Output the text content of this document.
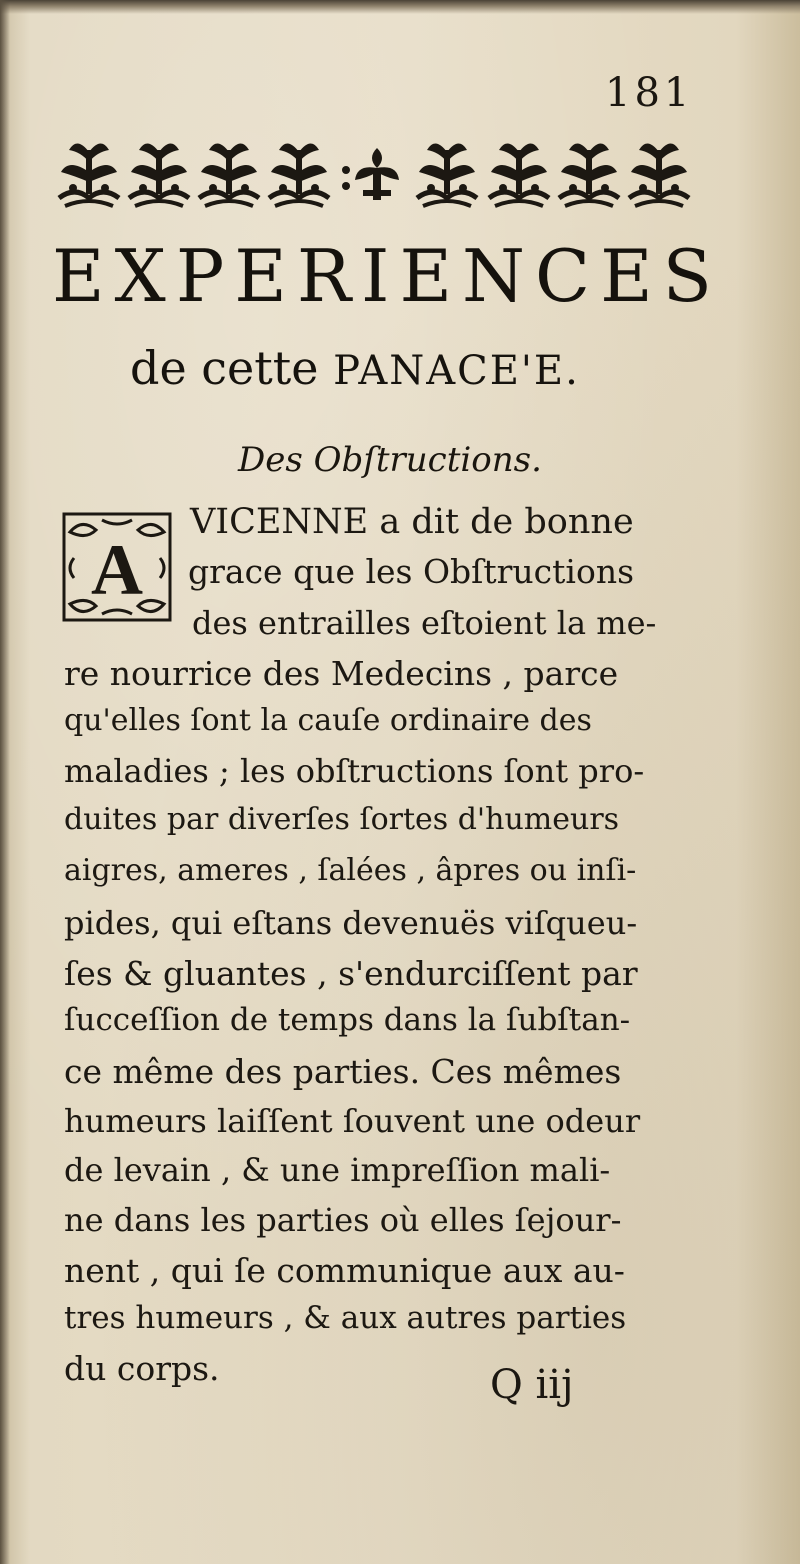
181
EXPERIENCES
de cette PANACE'E.
Des Obſtructions.
A
VICENNE a dit de bonne
grace que les Obſtructions
des entrailles eſtoient la me-
re nourrice des Medecins , parce
qu'elles ſont la cauſe ordinaire des
maladies ; les obſtructions ſont pro-
duites par diverſes ſortes d'humeurs
aigres, ameres , ſalées , âpres ou inſi-
pides, qui eſtans devenuës viſqueu-
ſes & gluantes , s'endurciſſent par
ſucceſſion de temps dans la ſubſtan-
ce même des parties. Ces mêmes
humeurs laiſſent ſouvent une odeur
de levain , & une impreſſion mali-
ne dans les parties où elles ſejour-
nent , qui ſe communique aux au-
tres humeurs , & aux autres parties
du corps.	Q iij
